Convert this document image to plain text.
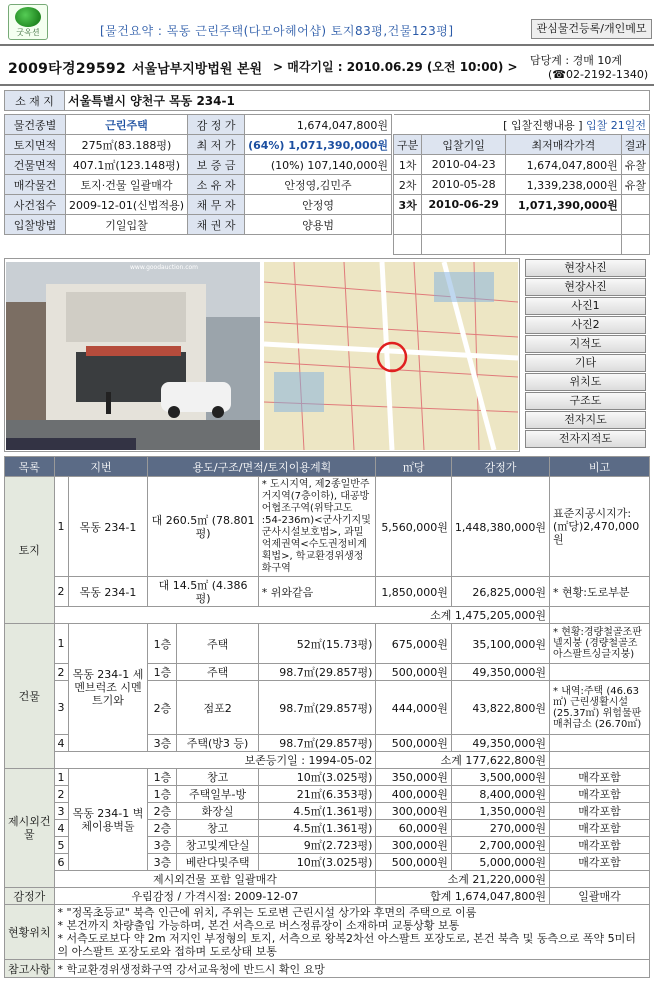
굿옥션	[물건요약 : 목동 근린주택(다모아헤어샵) 토지83평,건물123평]	관심물건등록/개인메모
2009타경29592 서울남부지방법원 본원 > 매각기일 : 2010.06.29 (오전 10:00) > 담당계 : 경매 10계
(☎02-2192-1340)
소 재 지	서울특별시 양천구 목동 234-1
물건종별	근린주택	감 정 가	1,674,047,800원
토지면적	275㎡(83.188평)	최 저 가	(64%) 1,071,390,000원
건물면적	407.1㎡(123.148평)	보 증 금	(10%) 107,140,000원
매각물건	토지·건물 일괄매각	소 유 자	안정영,김민주
사건접수	2009-12-01(신법적용)	채 무 자	안정영
입찰방법	기일입찰	채 권 자	양용범
[ 입찰진행내용 ] 입찰 21일전			
구분	입찰기일	최저매각가격	결과
1차	2010-04-23	1,674,047,800원	유찰
2차	2010-05-28	1,339,238,000원	유찰
3차	2010-06-29	1,071,390,000원	

www.goodauction.com	현장사진
현장사진
사진1
사진2
지적도
기타
위치도
구조도
전자지도
전자지적도
목록	지번		용도/구조/면적/토지이용계획			㎡당	감정가	비고
토지	1	목동 234-1	대 260.5㎡ (78.801평)		* 도시지역, 제2종일반주거지역(7층이하), 대공방어협조구역(위탁고도 :54-236m)<군사기지및군사시설보호법>, 과밀억제권역<수도권정비계획법>, 학교환경위생정화구역	5,560,000원	1,448,380,000원	표준지공시지가: (㎡당)2,470,000원
	2	목동 234-1	대 14.5㎡ (4.386평)		* 위와같음	1,850,000원	26,825,000원	* 현황:도로부분
	소계 1,475,205,000원							
건물	1	목동 234-1 세멘브럭조 시멘트기와	1층	주택	52㎡(15.73평)	675,000원	35,100,000원	* 현황:경량철골조판넬지붕 (경량철골조 아스팔트싱글지붕)
	2		1층	주택	98.7㎡(29.857평)	500,000원	49,350,000원	
	3		2층	점포2	98.7㎡(29.857평)	444,000원	43,822,800원	* 내역:주택 (46.63㎡) 근린생활시설 (25.37㎡) 위험물판매취급소 (26.70㎡)
	4		3층	주택(방3 등)	98.7㎡(29.857평)	500,000원	49,350,000원	
	보존등기일 : 1994-05-02					소계 177,622,800원		
제시외건물	1	목동 234-1 벽체이용벽돌	1층	창고	10㎡(3.025평)	350,000원	3,500,000원	매각포함
	2		1층	주택일부-방	21㎡(6.353평)	400,000원	8,400,000원	매각포함
	3		2층	화장실	4.5㎡(1.361평)	300,000원	1,350,000원	매각포함
	4		2층	창고	4.5㎡(1.361평)	60,000원	270,000원	매각포함
	5		3층	창고및계단실	9㎡(2.723평)	300,000원	2,700,000원	매각포함
	6		3층	베란다및주택	10㎡(3.025평)	500,000원	5,000,000원	매각포함
	제시외건물 포함 일괄매각					소계 21,220,000원		
감정가	우림감정 / 가격시점: 2009-12-07					합계 1,674,047,800원		일괄매각
현황위치	* "정목초등교" 북측 인근에 위치, 주위는 도로변 근린시설 상가와 후면의 주택으로 이룸
* 본건까지 차량출입 가능하며, 본건 서측으로 버스정류장이 소재하며 교통상황 보통
* 서측도로보다 약 2m 저지인 부정형의 토지, 서측으로 왕복2차선 아스팔트 포장도로, 본건 북측 및 동측으로 폭약 5미터의 아스팔트 포장도로와 접하며 도로상태 보통							

참고사항	* 학교환경위생정화구역 강서교육청에 반드시 확인 요망							
